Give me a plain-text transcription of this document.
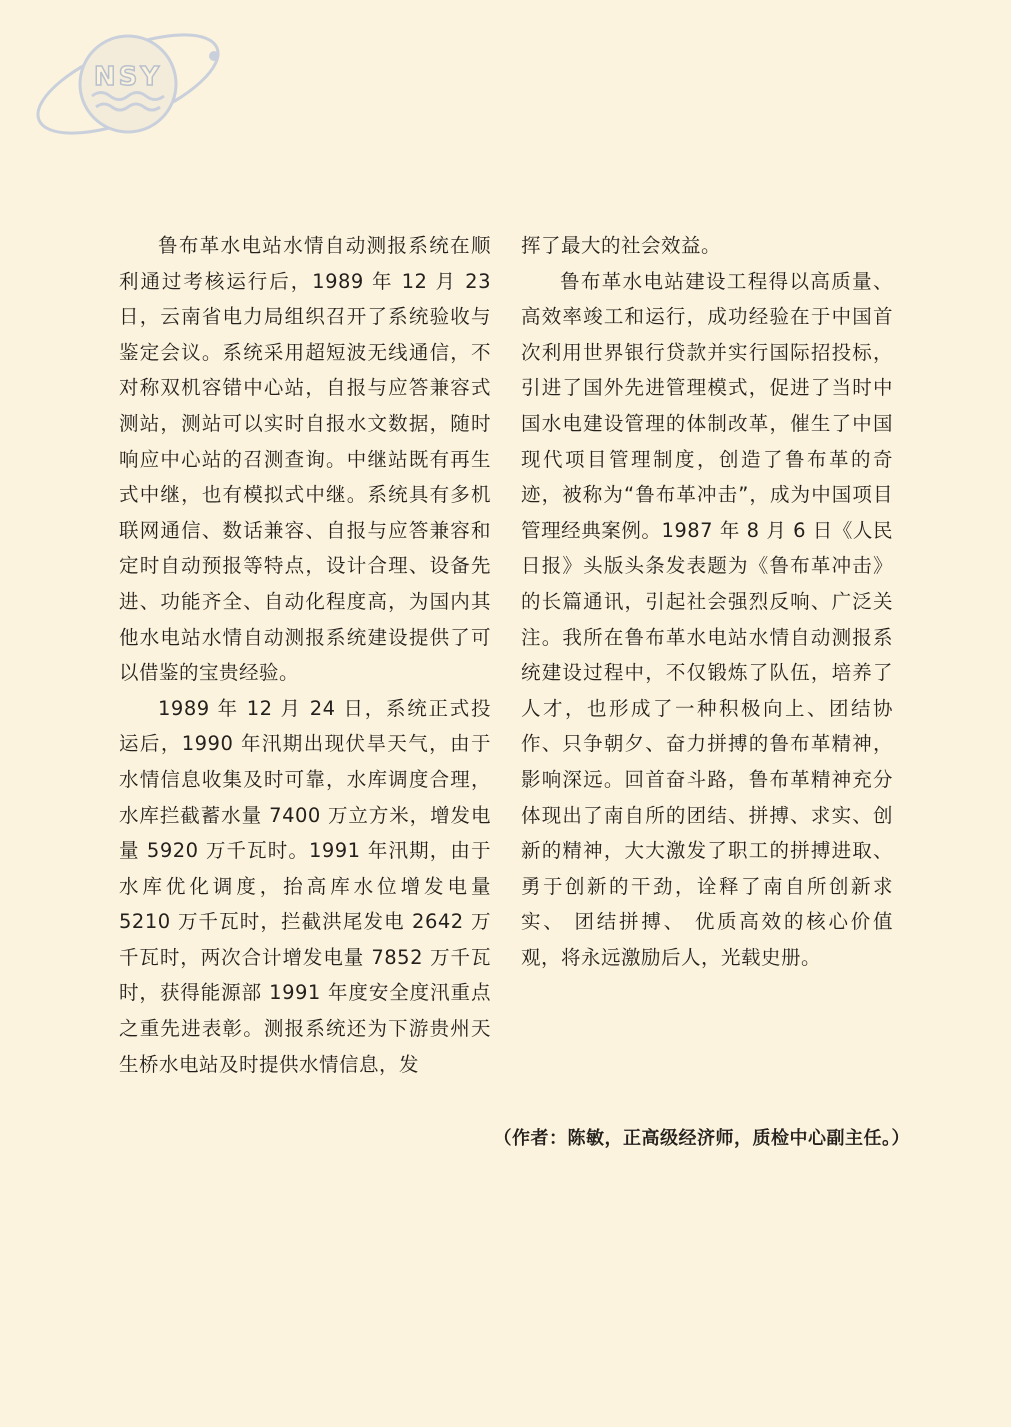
NSY

鲁布革水电站水情自动测报系统在顺利通过考核运行后，1989 年 12 月 23 日，云南省电力局组织召开了系统验收与鉴定会议。系统采用超短波无线通信，不对称双机容错中心站，自报与应答兼容式测站，测站可以实时自报水文数据，随时响应中心站的召测查询。中继站既有再生式中继，也有模拟式中继。系统具有多机联网通信、数话兼容、自报与应答兼容和定时自动预报等特点，设计合理、设备先进、功能齐全、自动化程度高，为国内其他水电站水情自动测报系统建设提供了可以借鉴的宝贵经验。

1989 年 12 月 24 日，系统正式投运后，1990 年汛期出现伏旱天气，由于水情信息收集及时可靠，水库调度合理，水库拦截蓄水量 7400 万立方米，增发电量 5920 万千瓦时。1991 年汛期，由于水库优化调度，抬高库水位增发电量 5210 万千瓦时，拦截洪尾发电 2642 万千瓦时，两次合计增发电量 7852 万千瓦时，获得能源部 1991 年度安全度汛重点之重先进表彰。测报系统还为下游贵州天生桥水电站及时提供水情信息，发

挥了最大的社会效益。

鲁布革水电站建设工程得以高质量、高效率竣工和运行，成功经验在于中国首次利用世界银行贷款并实行国际招投标，引进了国外先进管理模式，促进了当时中国水电建设管理的体制改革，催生了中国现代项目管理制度，创造了鲁布革的奇迹，被称为“鲁布革冲击”，成为中国项目管理经典案例。1987 年 8 月 6 日《人民日报》头版头条发表题为《鲁布革冲击》的长篇通讯，引起社会强烈反响、广泛关注。我所在鲁布革水电站水情自动测报系统建设过程中，不仅锻炼了队伍，培养了人才，也形成了一种积极向上、团结协作、只争朝夕、奋力拼搏的鲁布革精神，影响深远。回首奋斗路，鲁布革精神充分体现出了南自所的团结、拼搏、求实、创新的精神，大大激发了职工的拼搏进取、勇于创新的干劲，诠释了南自所创新求实、 团结拼搏、 优质高效的核心价值观，将永远激励后人，光载史册。

（作者：陈敏，正高级经济师，质检中心副主任。）
